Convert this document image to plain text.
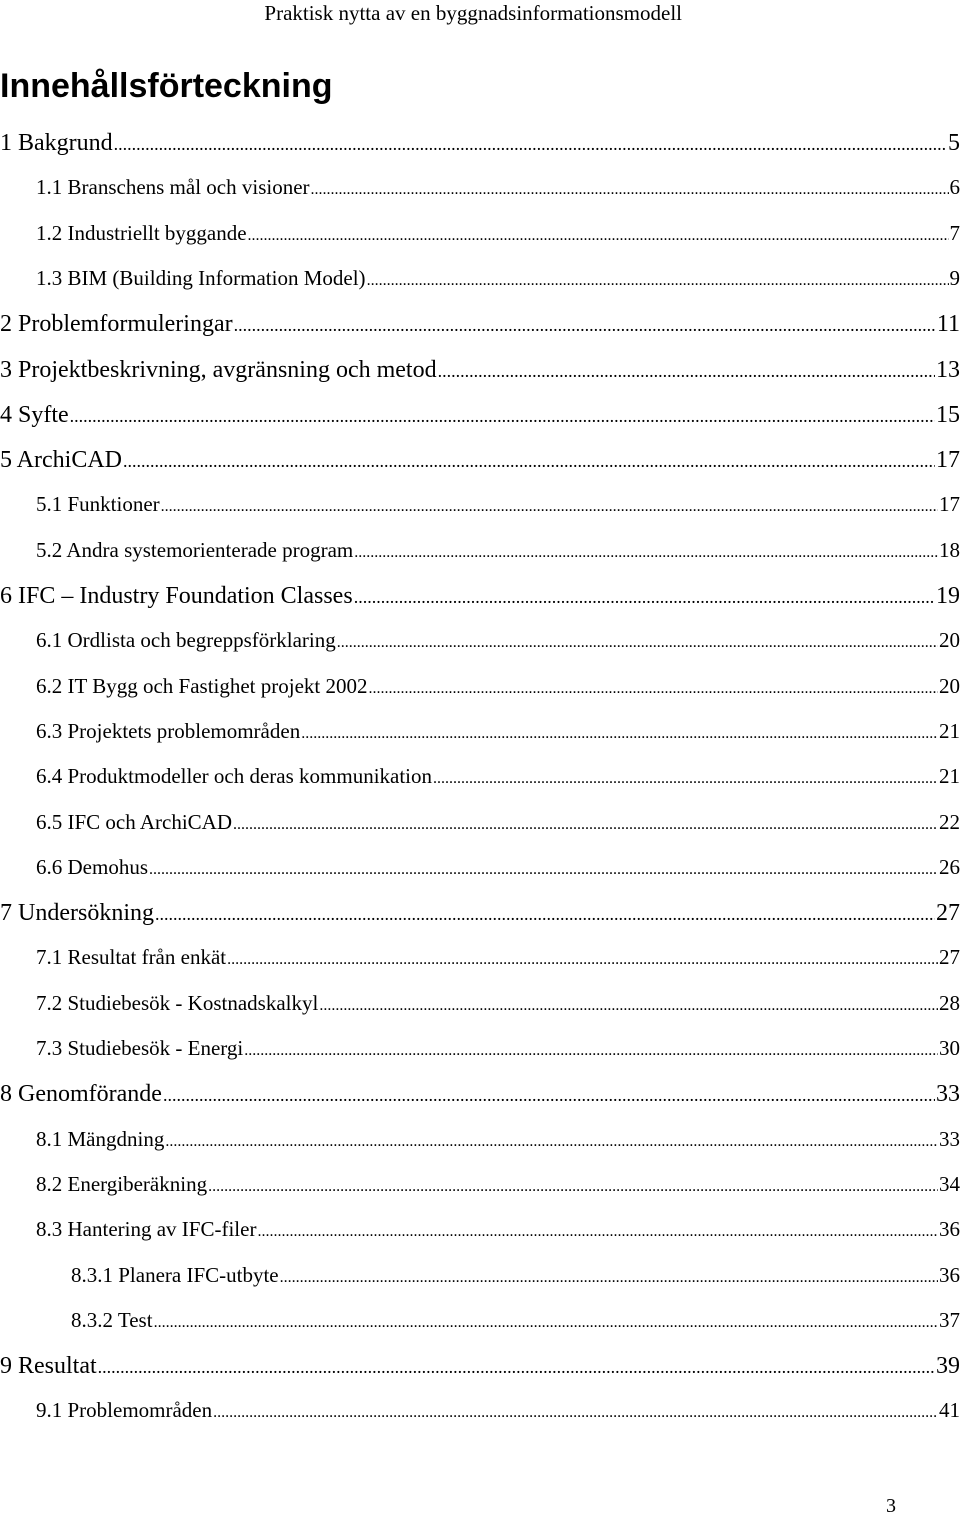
Praktisk nytta av en byggnadsinformationsmodell
Innehållsförteckning
1 Bakgrund .....	5
1.1 Branschens mål och visioner .....	6
1.2 Industriellt byggande .....	7
1.3 BIM (Building Information Model) .....	9
2 Problemformuleringar .....	11
3 Projektbeskrivning, avgränsning och metod .....	13
4 Syfte .....	15
5 ArchiCAD .....	17
5.1 Funktioner .....	17
5.2 Andra systemorienterade program .....	18
6 IFC – Industry Foundation Classes .....	19
6.1 Ordlista och begreppsförklaring .....	20
6.2 IT Bygg och Fastighet projekt 2002 .....	20
6.3 Projektets problemområden .....	21
6.4 Produktmodeller och deras kommunikation .....	21
6.5 IFC och ArchiCAD .....	22
6.6 Demohus .....	26
7 Undersökning .....	27
7.1 Resultat från enkät .....	27
7.2 Studiebesök - Kostnadskalkyl .....	28
7.3 Studiebesök - Energi .....	30
8 Genomförande .....	33
8.1 Mängdning .....	33
8.2 Energiberäkning .....	34
8.3 Hantering av IFC-filer .....	36
8.3.1 Planera IFC-utbyte .....	36
8.3.2 Test .....	37
9 Resultat .....	39
9.1 Problemområden .....	41
3
